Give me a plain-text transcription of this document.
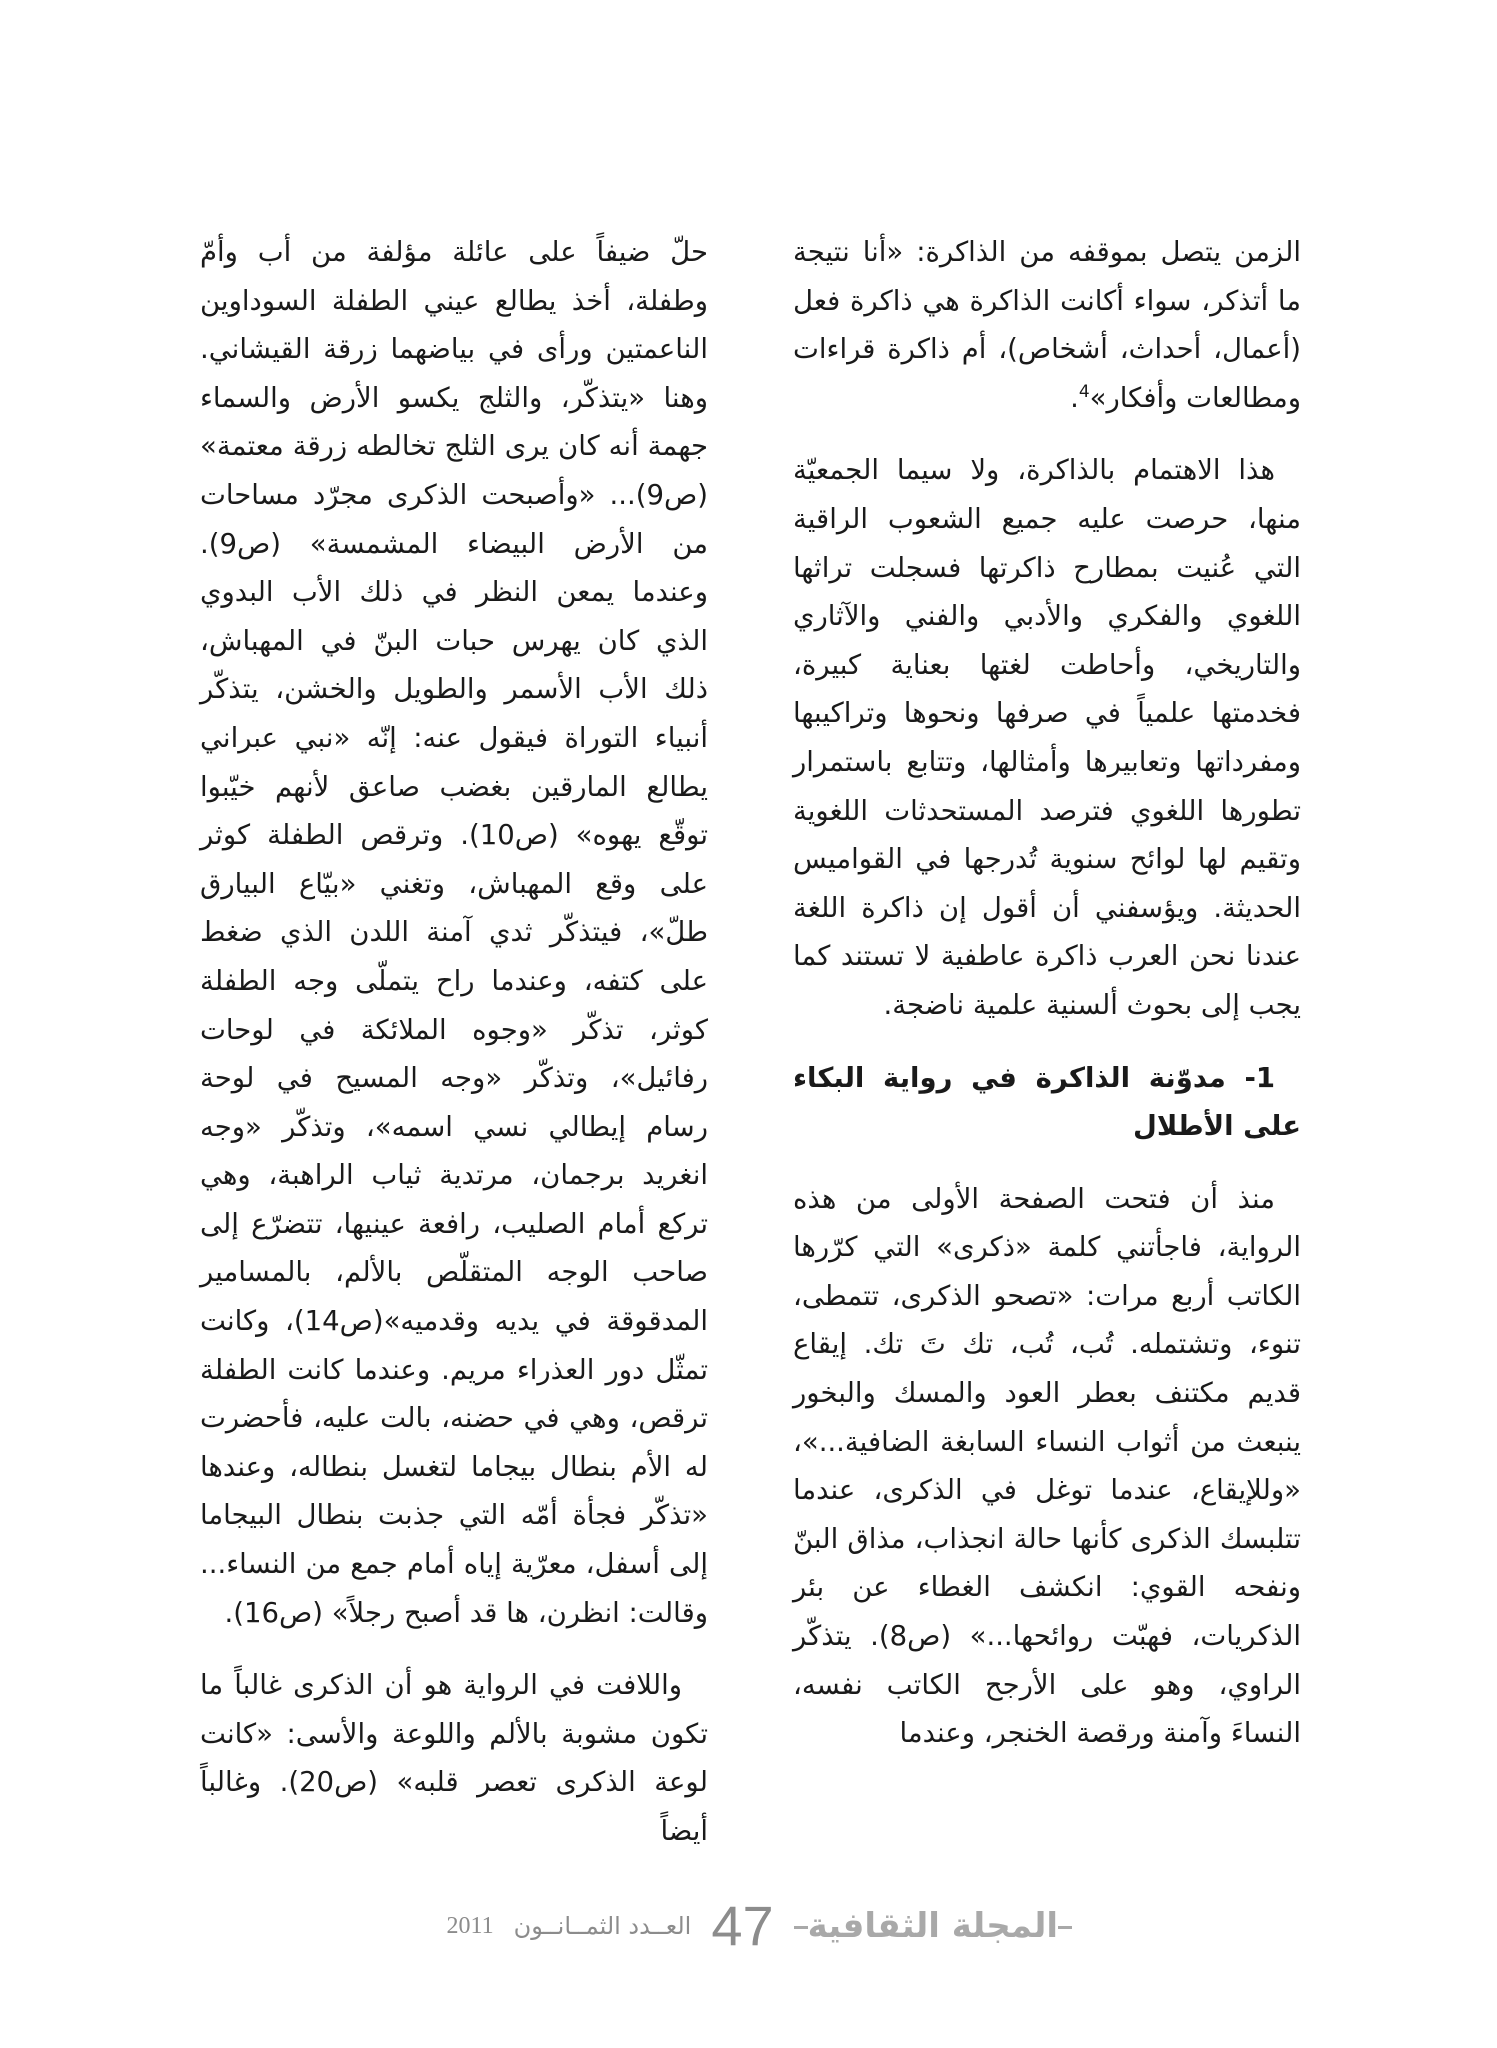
الزمن يتصل بموقفه من الذاكرة: «أنا نتيجة ما أتذكر، سواء أكانت الذاكرة هي ذاكرة فعل (أعمال، أحداث، أشخاص)، أم ذاكرة قراءات ومطالعات وأفكار»$^4$.

هذا الاهتمام بالذاكرة، ولا سيما الجمعيّة منها، حرصت عليه جميع الشعوب الراقية التي عُنيت بمطارح ذاكرتها فسجلت تراثها اللغوي والفكري والأدبي والفني والآثاري والتاريخي، وأحاطت لغتها بعناية كبيرة، فخدمتها علمياً في صرفها ونحوها وتراكيبها ومفرداتها وتعابيرها وأمثالها، وتتابع باستمرار تطورها اللغوي فترصد المستحدثات اللغوية وتقيم لها لوائح سنوية تُدرجها في القواميس الحديثة. ويؤسفني أن أقول إن ذاكرة اللغة عندنا نحن العرب ذاكرة عاطفية لا تستند كما يجب إلى بحوث ألسنية علمية ناضجة.

1- مدوّنة الذاكرة في رواية البكاء على الأطلال

منذ أن فتحت الصفحة الأولى من هذه الرواية، فاجأتني كلمة «ذكرى» التي كرّرها الكاتب أربع مرات: «تصحو الذكرى، تتمطى، تنوء، وتشتمله. تُب، تُب، تك تَ تك. إيقاع قديم مكتنف بعطر العود والمسك والبخور ينبعث من أثواب النساء السابغة الضافية...»، «وللإيقاع، عندما توغل في الذكرى، عندما تتلبسك الذكرى كأنها حالة انجذاب، مذاق البنّ ونفحه القوي: انكشف الغطاء عن بئر الذكريات، فهبّت روائحها...» (ص8). يتذكّر الراوي، وهو على الأرجح الكاتب نفسه، النساءَ وآمنة ورقصة الخنجر، وعندما

حلّ ضيفاً على عائلة مؤلفة من أب وأمّ وطفلة، أخذ يطالع عيني الطفلة السوداوين الناعمتين ورأى في بياضهما زرقة القيشاني. وهنا «يتذكّر، والثلج يكسو الأرض والسماء جهمة أنه كان يرى الثلج تخالطه زرقة معتمة» (ص9)... «وأصبحت الذكرى مجرّد مساحات من الأرض البيضاء المشمسة» (ص9). وعندما يمعن النظر في ذلك الأب البدوي الذي كان يهرس حبات البنّ في المهباش، ذلك الأب الأسمر والطويل والخشن، يتذكّر أنبياء التوراة فيقول عنه: إنّه «نبي عبراني يطالع المارقين بغضب صاعق لأنهم خيّبوا توقّع يهوه» (ص10). وترقص الطفلة كوثر على وقع المهباش، وتغني «بيّاع البيارق طلّ»، فيتذكّر ثدي آمنة اللدن الذي ضغط على كتفه، وعندما راح يتملّى وجه الطفلة كوثر، تذكّر «وجوه الملائكة في لوحات رفائيل»، وتذكّر «وجه المسيح في لوحة رسام إيطالي نسي اسمه»، وتذكّر «وجه انغريد برجمان، مرتدية ثياب الراهبة، وهي تركع أمام الصليب، رافعة عينيها، تتضرّع إلى صاحب الوجه المتقلّص بالألم، بالمسامير المدقوقة في يديه وقدميه»(ص14)، وكانت تمثّل دور العذراء مريم. وعندما كانت الطفلة ترقص، وهي في حضنه، بالت عليه، فأحضرت له الأم بنطال بيجاما لتغسل بنطاله، وعندها «تذكّر فجأة أمّه التي جذبت بنطال البيجاما إلى أسفل، معرّية إياه أمام جمع من النساء... وقالت: انظرن، ها قد أصبح رجلاً» (ص16).

واللافت في الرواية هو أن الذكرى غالباً ما تكون مشوبة بالألم واللوعة والأسى: «كانت لوعة الذكرى تعصر قلبه» (ص20). وغالباً أيضاً

المجلة الثقافية
47
العــدد الثمــانــون
2011
